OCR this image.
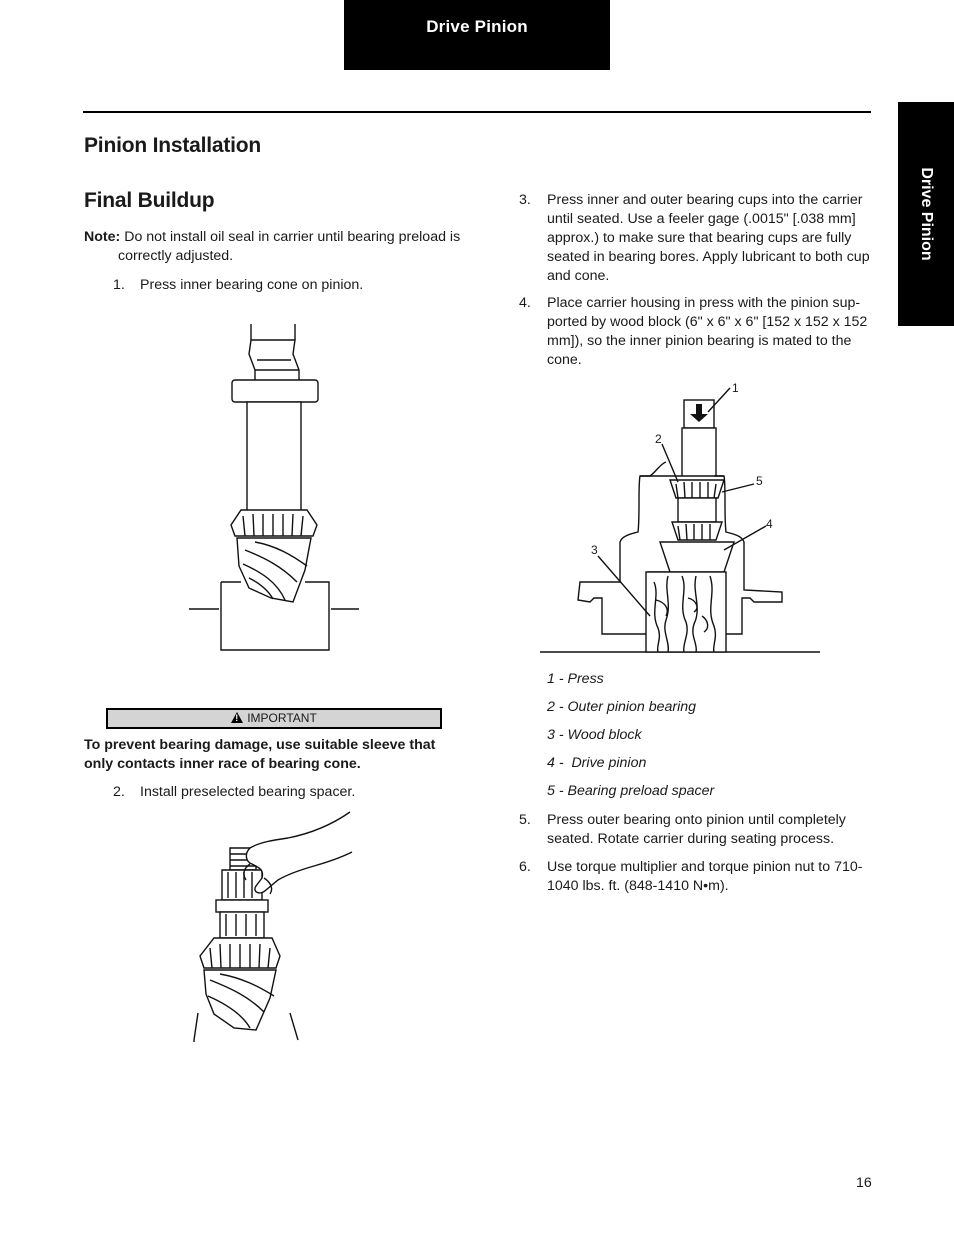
Drive Pinion
Drive Pinion
Pinion Installation
Final Buildup
Note: Do not install oil seal in carrier until bearing preload is correctly adjusted.
1. Press inner bearing cone on pinion.
!IMPORTANT
To prevent bearing damage, use suitable sleeve that only contacts inner race of bearing cone.
2. Install preselected bearing spacer.
3. Press inner and outer bearing cups into the carrier until seated. Use a feeler gage (.0015" [.038 mm] approx.) to make sure that bearing cups are fully seated in bearing bores. Apply lubricant to both cup and cone.
4. Place carrier housing in press with the pinion sup-ported by wood block (6" x 6" x 6" [152 x 152 x 152 mm]), so the inner pinion bearing is mated to the cone.
1
2
3
4
5
1 - Press
2 - Outer pinion bearing
3 - Wood block
4 -  Drive pinion
5 - Bearing preload spacer
5. Press outer bearing onto pinion until completely seated. Rotate carrier during seating process.
6. Use torque multiplier and torque pinion nut to 710-1040 lbs. ft. (848-1410 N•m).
16
